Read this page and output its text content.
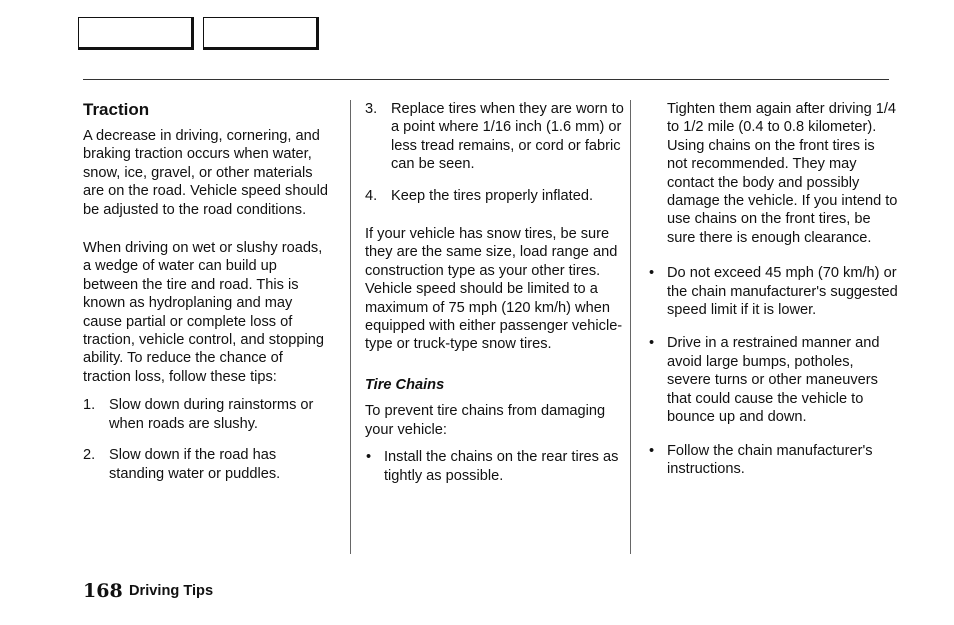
Traction

A decrease in driving, cornering, and braking traction occurs when water, snow, ice, gravel, or other materials are on the road. Vehicle speed should be adjusted to the road conditions.

When driving on wet or slushy roads, a wedge of water can build up between the tire and road. This is known as hydroplaning and may cause partial or complete loss of traction, vehicle control, and stopping ability. To reduce the chance of traction loss, follow these tips:

1. Slow down during rainstorms or when roads are slushy.
2. Slow down if the road has standing water or puddles.
3. Replace tires when they are worn to a point where 1/16 inch (1.6 mm) or less tread remains, or cord or fabric can be seen.
4. Keep the tires properly inflated.

If your vehicle has snow tires, be sure they are the same size, load range and construction type as your other tires. Vehicle speed should be limited to a maximum of 75 mph (120 km/h) when equipped with either passenger vehicle-type or truck-type snow tires.

Tire Chains

To prevent tire chains from damaging your vehicle:

• Install the chains on the rear tires as tightly as possible.
Tighten them again after driving 1/4 to 1/2 mile (0.4 to 0.8 kilometer). Using chains on the front tires is not recommended. They may contact the body and possibly damage the vehicle. If you intend to use chains on the front tires, be sure there is enough clearance.
• Do not exceed 45 mph (70 km/h) or the chain manufacturer's suggested speed limit if it is lower.
• Drive in a restrained manner and avoid large bumps, potholes, severe turns or other maneuvers that could cause the vehicle to bounce up and down.
• Follow the chain manufacturer's instructions.
168 Driving Tips
